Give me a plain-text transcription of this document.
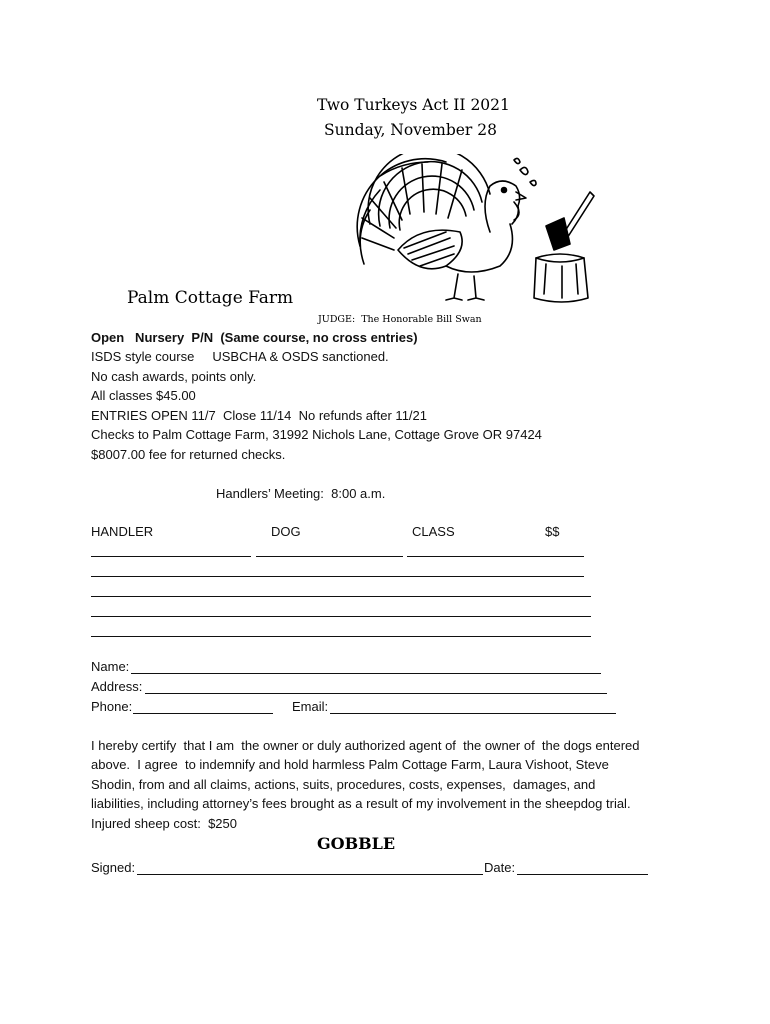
Two Turkeys Act II 2021
Sunday, November 28
Palm Cottage Farm
JUDGE:  The Honorable Bill Swan
Open   Nursery  P/N  (Same course, no cross entries)
ISDS style course     USBCHA & OSDS sanctioned.
No cash awards, points only.
All classes $45.00
ENTRIES OPEN 11/7  Close 11/14  No refunds after 11/21
Checks to Palm Cottage Farm, 31992 Nichols Lane, Cottage Grove OR 97424
$8007.00 fee for returned checks.
Handlers’ Meeting:  8:00 a.m.
HANDLER	DOG	CLASS	$$
Name:
Address:
Phone:	Email:
I hereby certify  that I am  the owner or duly authorized agent of  the owner of  the dogs entered
above.  I agree  to indemnify and hold harmless Palm Cottage Farm, Laura Vishoot, Steve
Shodin, from and all claims, actions, suits, procedures, costs, expenses,  damages, and
liabilities, including attorney’s fees brought as a result of my involvement in the sheepdog trial.
Injured sheep cost:  $250
GOBBLE
Signed:	Date:
